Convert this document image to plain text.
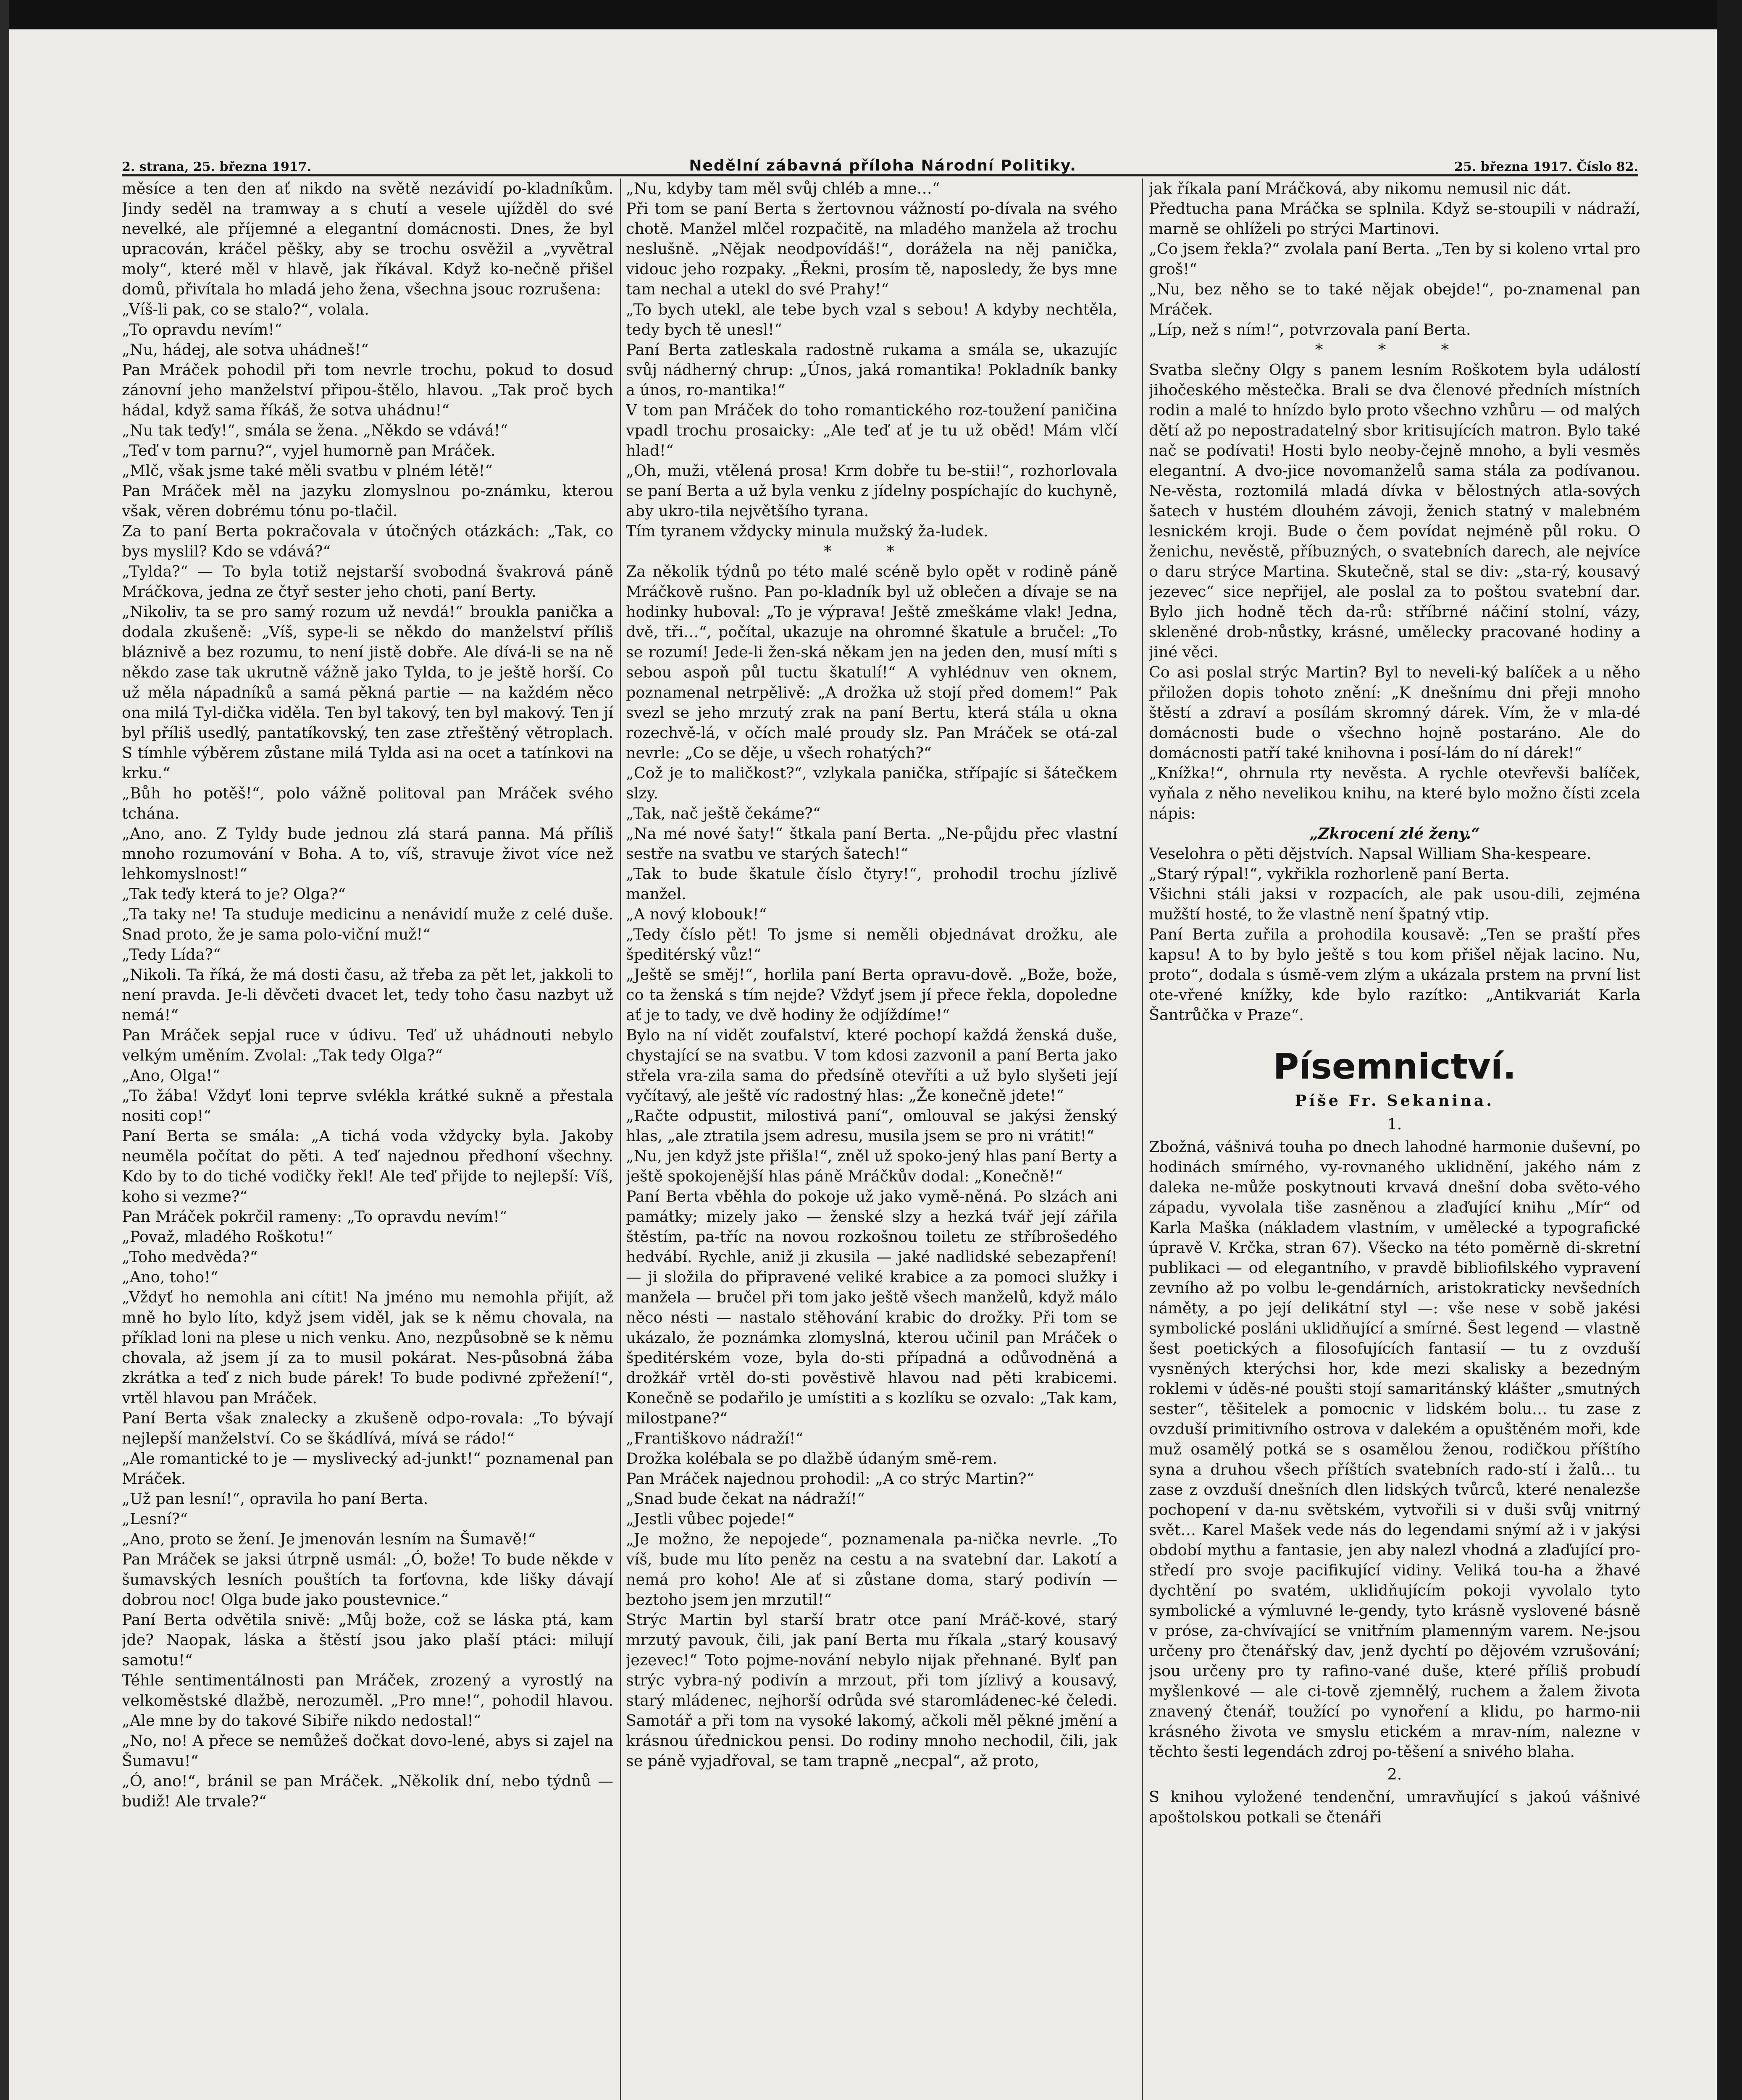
2. strana, 25. března 1917.	Nedělní zábavná příloha Národní Politiky.	25. března 1917. Číslo 82.

měsíce a ten den ať nikdo na světě nezávidí po-kladníkům. Jindy seděl na tramway a s chutí a vesele ujížděl do své nevelké, ale příjemné a elegantní domácnosti. Dnes, že byl upracován, kráčel pěšky, aby se trochu osvěžil a „vyvětral moly“, které měl v hlavě, jak říkával. Když ko-nečně přišel domů, přivítala ho mladá jeho žena, všechna jsouc rozrušena:

„Víš-li pak, co se stalo?“, volala.

„To opravdu nevím!“

„Nu, hádej, ale sotva uhádneš!“

Pan Mráček pohodil při tom nevrle trochu, pokud to dosud zánovní jeho manželství připou-štělo, hlavou. „Tak proč bych hádal, když sama říkáš, že sotva uhádnu!“

„Nu tak teďy!“, smála se žena. „Někdo se vdává!“

„Teď v tom parnu?“, vyjel humorně pan Mráček.

„Mlč, však jsme také měli svatbu v plném létě!“

Pan Mráček měl na jazyku zlomyslnou po-známku, kterou však, věren dobrému tónu po-tlačil.

Za to paní Berta pokračovala v útočných otázkách: „Tak, co bys myslil? Kdo se vdává?“

„Tylda?“ — To byla totiž nejstarší svobodná švakrová páně Mráčkova, jedna ze čtyř sester jeho choti, paní Berty.

„Nikoliv, ta se pro samý rozum už nevdá!“ broukla panička a dodala zkušeně: „Víš, sype-li se někdo do manželství příliš bláznivě a bez rozumu, to není jistě dobře. Ale dívá-li se na ně někdo zase tak ukrutně vážně jako Tylda, to je ještě horší. Co už měla nápadníků a samá pěkná partie — na každém něco ona milá Tyl-dička viděla. Ten byl takový, ten byl makový. Ten jí byl příliš usedlý, pantatíkovský, ten zase ztřeštěný větroplach. S tímhle výběrem zůstane milá Tylda asi na ocet a tatínkovi na krku.“

„Bůh ho potěš!“, polo vážně politoval pan Mráček svého tchána.

„Ano, ano. Z Tyldy bude jednou zlá stará panna. Má příliš mnoho rozumování v Boha. A to, víš, stravuje život více než lehkomyslnost!“

„Tak teďy která to je? Olga?“

„Ta taky ne! Ta studuje medicinu a nenávidí muže z celé duše. Snad proto, že je sama polo-viční muž!“

„Tedy Lída?“

„Nikoli. Ta říká, že má dosti času, až třeba za pět let, jakkoli to není pravda. Je-li děvčeti dvacet let, tedy toho času nazbyt už nemá!“

Pan Mráček sepjal ruce v údivu. Teď už uhádnouti nebylo velkým uměním. Zvolal: „Tak tedy Olga?“

„Ano, Olga!“

„To žába! Vždyť loni teprve svlékla krátké sukně a přestala nositi cop!“

Paní Berta se smála: „A tichá voda vždycky byla. Jakoby neuměla počítat do pěti. A teď najednou předhoní všechny. Kdo by to do tiché vodičky řekl! Ale teď přijde to nejlepší: Víš, koho si vezme?“

Pan Mráček pokrčil rameny: „To opravdu nevím!“

„Považ, mladého Roškotu!“

„Toho medvěda?“

„Ano, toho!“

„Vždyť ho nemohla ani cítit! Na jméno mu nemohla přijít, až mně ho bylo líto, když jsem viděl, jak se k němu chovala, na příklad loni na plese u nich venku. Ano, nezpůsobně se k němu chovala, až jsem jí za to musil pokárat. Nes-působná žába zkrátka a teď z nich bude párek! To bude podivné zpřežení!“, vrtěl hlavou pan Mráček.

Paní Berta však znalecky a zkušeně odpo-rovala: „To bývají nejlepší manželství. Co se škádlívá, mívá se rádo!“

„Ale romantické to je — myslivecký ad-junkt!“ poznamenal pan Mráček.

„Už pan lesní!“, opravila ho paní Berta.

„Lesní?“

„Ano, proto se žení. Je jmenován lesním na Šumavě!“

Pan Mráček se jaksi útrpně usmál: „Ó, bože! To bude někde v šumavských lesních pouštích ta forťovna, kde lišky dávají dobrou noc! Olga bude jako poustevnice.“

Paní Berta odvětila snivě: „Můj bože, což se láska ptá, kam jde? Naopak, láska a štěstí jsou jako plaší ptáci: milují samotu!“

Téhle sentimentálnosti pan Mráček, zrozený a vyrostlý na velkoměstské dlažbě, nerozuměl. „Pro mne!“, pohodil hlavou. „Ale mne by do takové Sibiře nikdo nedostal!“

„No, no! A přece se nemůžeš dočkat dovo-lené, abys si zajel na Šumavu!“

„Ó, ano!“, bránil se pan Mráček. „Několik dní, nebo týdnů — budiž! Ale trvale?“

„Nu, kdyby tam měl svůj chléb a mne…“

Při tom se paní Berta s žertovnou vážností po-dívala na svého chotě. Manžel mlčel rozpačitě, na mladého manžela až trochu neslušně. „Nějak neodpovídáš!“, dorážela na něj panička, vidouc jeho rozpaky. „Řekni, prosím tě, naposledy, že bys mne tam nechal a utekl do své Prahy!“

„To bych utekl, ale tebe bych vzal s sebou! A kdyby nechtěla, tedy bych tě unesl!“

Paní Berta zatleskala radostně rukama a smála se, ukazujíc svůj nádherný chrup: „Únos, jaká romantika! Pokladník banky a únos, ro-mantika!“

V tom pan Mráček do toho romantického roz-toužení paničina vpadl trochu prosaicky: „Ale teď ať je tu už oběd! Mám vlčí hlad!“

„Oh, muži, vtělená prosa! Krm dobře tu be-stii!“, rozhorlovala se paní Berta a už byla venku z jídelny pospíchajíc do kuchyně, aby ukro-tila největšího tyrana.

Tím tyranem vždycky minula mužský ža-ludek.

* *

Za několik týdnů po této malé scéně bylo opět v rodině páně Mráčkově rušno. Pan po-kladník byl už oblečen a dívaje se na hodinky huboval: „To je výprava! Ještě zmeškáme vlak! Jedna, dvě, tři…“, počítal, ukazuje na ohromné škatule a bručel: „To se rozumí! Jede-li žen-ská někam jen na jeden den, musí míti s sebou aspoň půl tuctu škatulí!“ A vyhlédnuv ven oknem, poznamenal netrpělivě: „A drožka už stojí před domem!“ Pak svezl se jeho mrzutý zrak na paní Bertu, která stála u okna rozechvě-lá, v očích malé proudy slz. Pan Mráček se otá-zal nevrle: „Co se děje, u všech rohatých?“

„Což je to maličkost?“, vzlykala panička, střípajíc si šátečkem slzy.

„Tak, nač ještě čekáme?“

„Na mé nové šaty!“ štkala paní Berta. „Ne-půjdu přec vlastní sestře na svatbu ve starých šatech!“

„Tak to bude škatule číslo čtyry!“, prohodil trochu jízlivě manžel.

„A nový klobouk!“

„Tedy číslo pět! To jsme si neměli objednávat drožku, ale špeditérský vůz!“

„Ještě se směj!“, horlila paní Berta opravu-dově. „Bože, bože, co ta ženská s tím nejde? Vždyť jsem jí přece řekla, dopoledne ať je to tady, ve dvě hodiny že odjíždíme!“

Bylo na ní vidět zoufalství, které pochopí každá ženská duše, chystající se na svatbu. V tom kdosi zazvonil a paní Berta jako střela vra-zila sama do předsíně otevříti a už bylo slyšeti její vyčítavý, ale ještě víc radostný hlas: „Že konečně jdete!“

„Račte odpustit, milostivá paní“, omlouval se jakýsi ženský hlas, „ale ztratila jsem adresu, musila jsem se pro ni vrátit!“

„Nu, jen když jste přišla!“, zněl už spoko-jený hlas paní Berty a ještě spokojenější hlas páně Mráčkův dodal: „Konečně!“

Paní Berta vběhla do pokoje už jako vymě-něná. Po slzách ani památky; mizely jako — ženské slzy a hezká tvář její zářila štěstím, pa-tříc na novou rozkošnou toiletu ze stříbrošedého hedvábí. Rychle, aniž ji zkusila — jaké nadlidské sebezapření! — ji složila do připravené veliké krabice a za pomoci služky i manžela — bručel při tom jako ještě všech manželů, když málo něco nésti — nastalo stěhování krabic do drožky. Při tom se ukázalo, že poznámka zlomyslná, kterou učinil pan Mráček o špeditérském voze, byla do-sti případná a odůvodněná a drožkář vrtěl do-sti pověstivě hlavou nad pěti krabicemi. Konečně se podařilo je umístiti a s kozlíku se ozvalo: „Tak kam, milostpane?“

„Františkovo nádraží!“

Drožka kolébala se po dlažbě údaným smě-rem.

Pan Mráček najednou prohodil: „A co strýc Martin?“

„Snad bude čekat na nádraží!“

„Jestli vůbec pojede!“

„Je možno, že nepojede“, poznamenala pa-nička nevrle. „To víš, bude mu líto peněz na cestu a na svatební dar. Lakotí a nemá pro koho! Ale ať si zůstane doma, starý podivín — beztoho jsem jen mrzutil!“

Strýc Martin byl starší bratr otce paní Mráč-kové, starý mrzutý pavouk, čili, jak paní Berta mu říkala „starý kousavý jezevec!“ Toto pojme-nování nebylo nijak přehnané. Bylť pan strýc vybra-ný podivín a mrzout, při tom jízlivý a kousavý, starý mládenec, nejhorší odrůda své staromládenec-ké čeledi. Samotář a při tom na vysoké lakomý, ačkoli měl pěkné jmění a krásnou úřednickou pensi. Do rodiny mnoho nechodil, čili, jak se páně vyjadřoval, se tam trapně „necpal“, až proto,

jak říkala paní Mráčková, aby nikomu nemusil nic dát.

Předtucha pana Mráčka se splnila. Když se-stoupili v nádraží, marně se ohlíželi po strýci Martinovi.

„Co jsem řekla?“ zvolala paní Berta. „Ten by si koleno vrtal pro groš!“

„Nu, bez něho se to také nějak obejde!“, po-znamenal pan Mráček.

„Líp, než s ním!“, potvrzovala paní Berta.

* * *

Svatba slečny Olgy s panem lesním Roškotem byla událostí jihočeského městečka. Brali se dva členové předních místních rodin a malé to hnízdo bylo proto všechno vzhůru — od malých dětí až po nepostradatelný sbor kritisujících matron. Bylo také nač se podívati! Hosti bylo neoby-čejně mnoho, a byli vesměs elegantní. A dvo-jice novomanželů sama stála za podívanou. Ne-věsta, roztomilá mladá dívka v bělostných atla-sových šatech v hustém dlouhém závoji, ženich statný v malebném lesnickém kroji. Bude o čem povídat nejméně půl roku. O ženichu, nevěstě, příbuzných, o svatebních darech, ale nejvíce o daru strýce Martina. Skutečně, stal se div: „sta-rý, kousavý jezevec“ sice nepřijel, ale poslal za to poštou svatební dar. Bylo jich hodně těch da-rů: stříbrné náčiní stolní, vázy, skleněné drob-nůstky, krásné, umělecky pracované hodiny a jiné věci.

Co asi poslal strýc Martin? Byl to neveli-ký balíček a u něho přiložen dopis tohoto znění: „K dnešnímu dni přeji mnoho štěstí a zdraví a posílám skromný dárek. Vím, že v mla-dé domácnosti bude o všechno hojně postaráno. Ale do domácnosti patří také knihovna i posí-lám do ní dárek!“

„Knížka!“, ohrnula rty nevěsta. A rychle otevřevši balíček, vyňala z něho nevelikou knihu, na které bylo možno čísti zcela nápis:

„Zkrocení zlé ženy.“

Veselohra o pěti dějstvích. Napsal William Sha-kespeare.

„Starý rýpal!“, vykřikla rozhorleně paní Berta.

Všichni stáli jaksi v rozpacích, ale pak usou-dili, zejména mužští hosté, to že vlastně není špatný vtip.

Paní Berta zuřila a prohodila kousavě: „Ten se praští přes kapsu! A to by bylo ještě s tou kom přišel nějak lacino. Nu, proto“, dodala s úsmě-vem zlým a ukázala prstem na první list ote-vřené knížky, kde bylo razítko: „Antikvariát Karla Šantrůčka v Praze“.

Písemnictví.
Píše Fr. Sekanina.
1.

Zbožná, vášnivá touha po dnech lahodné harmonie duševní, po hodinách smírného, vy-rovnaného uklidnění, jakého nám z daleka ne-může poskytnouti krvavá dnešní doba světo-vého západu, vyvolala tiše zasněnou a zlaďující knihu „Mír“ od Karla Maška (nákladem vlastním, v umělecké a typografické úpravě V. Krčka, stran 67). Všecko na této poměrně di-skretní publikaci — od elegantního, v pravdě bibliofilského vypravení zevního až po volbu le-gendárních, aristokraticky nevšedních náměty, a po její delikátní styl —: vše nese v sobě jakési symbolické posláni uklidňující a smírné. Šest legend — vlastně šest poetických a filosofujících fantasií — tu z ovzduší vysněných kterýchsi hor, kde mezi skalisky a bezedným roklemi v úděs-né poušti stojí samaritánský klášter „smutných sester“, těšitelek a pomocnic v lidském bolu… tu zase z ovzduší primitivního ostrova v dalekém a opuštěném moři, kde muž osamělý potká se s osamělou ženou, rodičkou příštího syna a druhou všech příštích svatebních rado-stí i žalů… tu zase z ovzduší dnešních dlen lidských tvůrců, které nenalezše pochopení v da-nu světském, vytvořili si v duši svůj vnitrný svět… Karel Mašek vede nás do legendami snýmí až i v jakýsi období mythu a fantasie, jen aby nalezl vhodná a zlaďující pro-středí pro svoje pacifikující vidiny. Veliká tou-ha a žhavé dychtění po svatém, uklidňujícím pokoji vyvolalo tyto symbolické a výmluvné le-gendy, tyto krásně vyslovené básně v próse, za-chvívající se vnitřním plamenným varem. Ne-jsou určeny pro čtenářský dav, jenž dychtí po dějovém vzrušování; jsou určeny pro ty rafino-vané duše, které příliš probudí myšlenkové — ale ci-tově zjemnělý, ruchem a žalem života znavený čtenář, toužící po vynoření a klidu, po harmo-nii krásného života ve smyslu etickém a mrav-ním, nalezne v těchto šesti legendách zdroj po-těšení a snivého blaha.

2.

S knihou vyložené tendenční, umravňující s jakoú vášnivé apoštolskou potkali se čtenáři
